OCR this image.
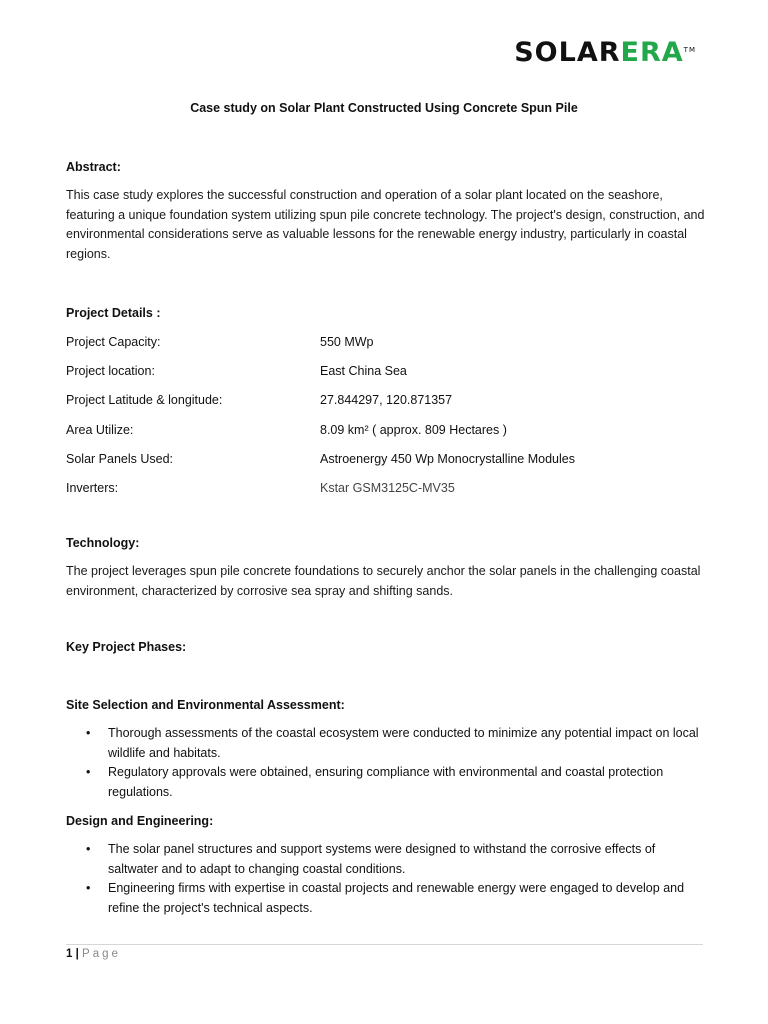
SOLARERA™
Case study on Solar Plant Constructed Using Concrete Spun Pile
Abstract:
This case study explores the successful construction and operation of a solar plant located on the seashore, featuring a unique foundation system utilizing spun pile concrete technology. The project's design, construction, and environmental considerations serve as valuable lessons for the renewable energy industry, particularly in coastal regions.
Project Details :
Project Capacity:	550 MWp
Project location:	East China Sea
Project Latitude & longitude:	27.844297, 120.871357
Area Utilize:	8.09 km² ( approx. 809 Hectares )
Solar Panels Used:	Astroenergy 450 Wp Monocrystalline Modules
Inverters:	Kstar GSM3125C-MV35
Technology:
The project leverages spun pile concrete foundations to securely anchor the solar panels in the challenging coastal environment, characterized by corrosive sea spray and shifting sands.
Key Project Phases:
Site Selection and Environmental Assessment:
• Thorough assessments of the coastal ecosystem were conducted to minimize any potential impact on local wildlife and habitats.
• Regulatory approvals were obtained, ensuring compliance with environmental and coastal protection regulations.
Design and Engineering:
• The solar panel structures and support systems were designed to withstand the corrosive effects of saltwater and to adapt to changing coastal conditions.
• Engineering firms with expertise in coastal projects and renewable energy were engaged to develop and refine the project's technical aspects.
1 | Page
